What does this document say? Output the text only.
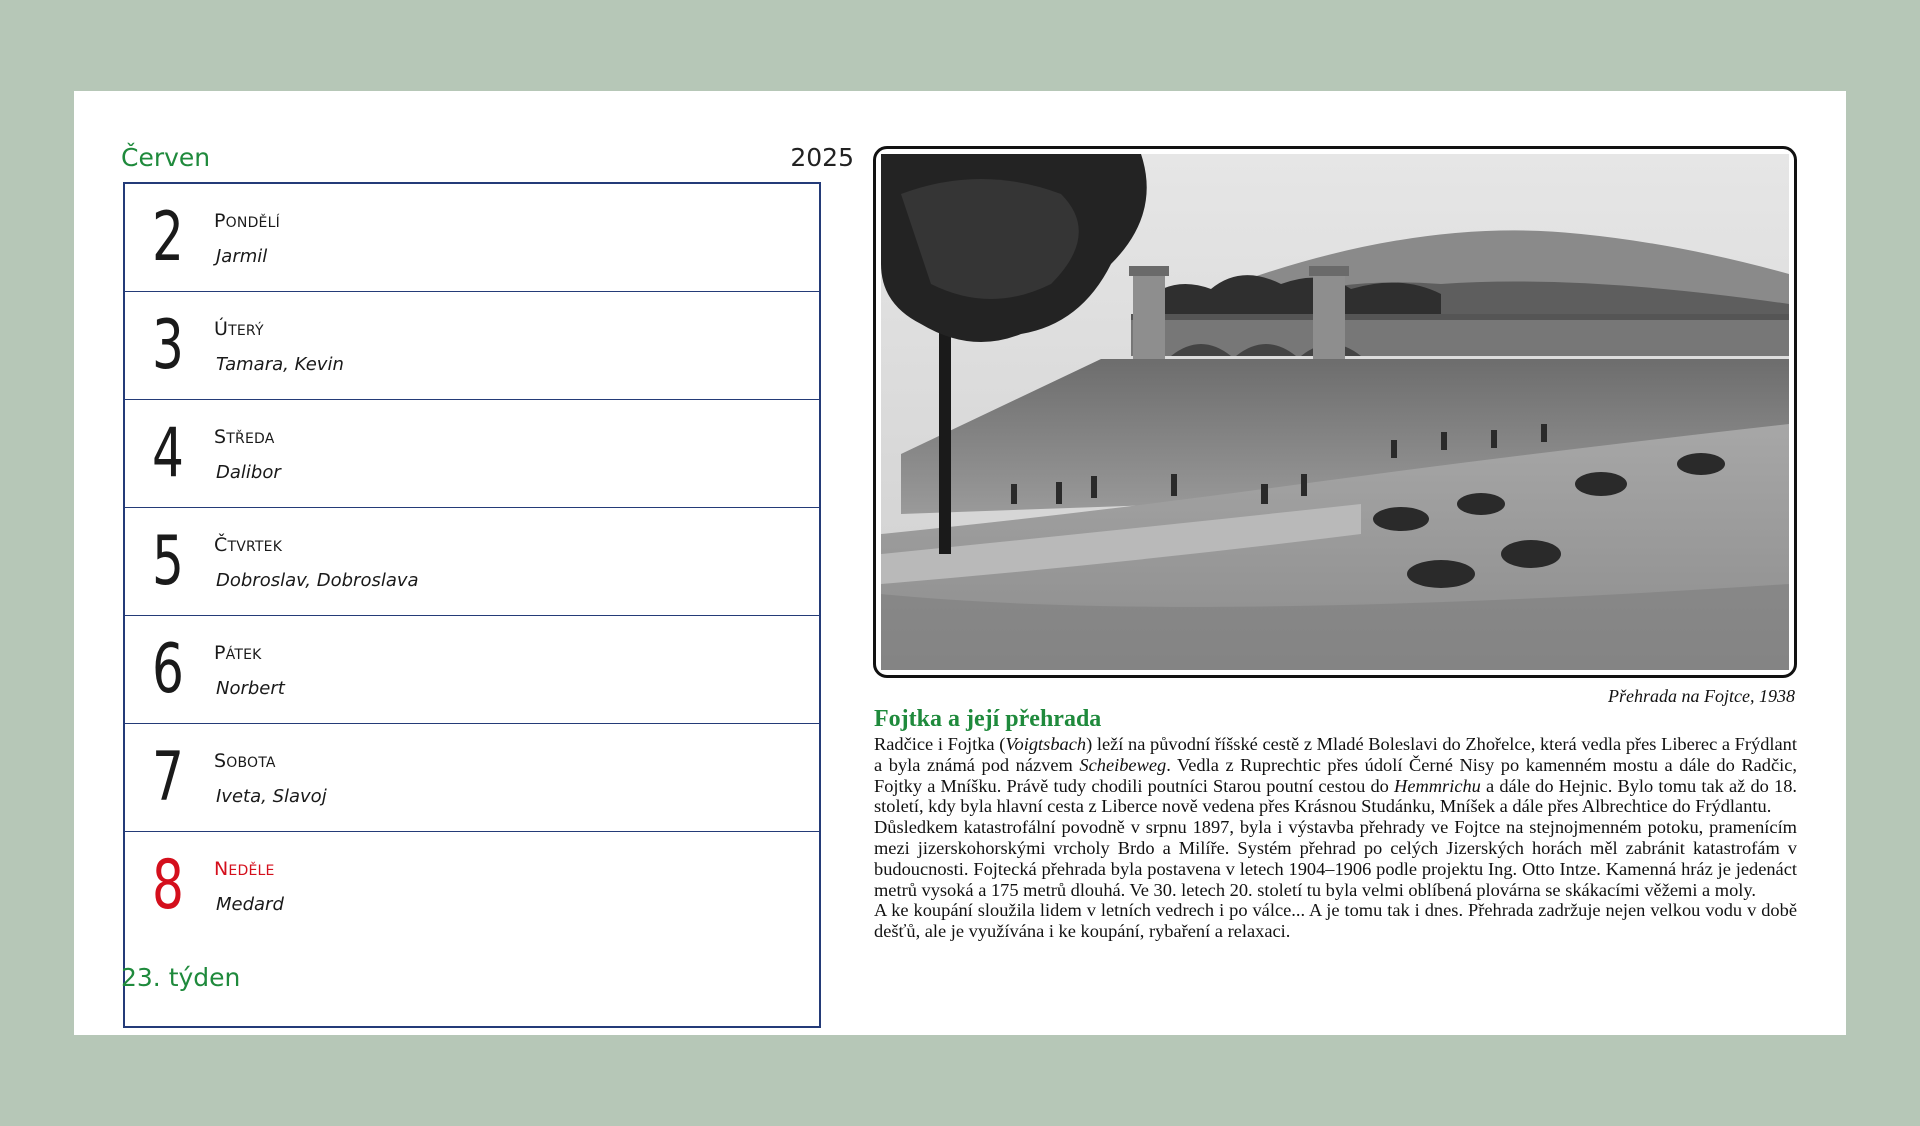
Červen	2025
2	PONDĚLÍ
Jarmil
3	ÚTERÝ
Tamara, Kevin
4	STŘEDA
Dalibor
5	ČTVRTEK
Dobroslav, Dobroslava
6	PÁTEK
Norbert
7	SOBOTA
Iveta, Slavoj
8	NEDĚLE
Medard
23. týden
Přehrada na Fojtce, 1938
Fojtka a její přehrada

Radčice i Fojtka (Voigtsbach) leží na původní říšské cestě z Mladé Boleslavi do Zhořelce, která vedla přes Liberec a Frýdlant a byla známá pod názvem Scheibeweg. Vedla z Ruprechtic přes údolí Černé Nisy po kamenném mostu a dále do Radčic, Fojtky a Mníšku. Právě tudy chodili poutníci Starou poutní cestou do Hemmrichu a dále do Hejnic. Bylo tomu tak až do 18. století, kdy byla hlavní cesta z Liberce nově vedena přes Krásnou Studánku, Mníšek a dále přes Albrechtice do Frýdlantu.

Důsledkem katastrofální povodně v srpnu 1897, byla i výstavba přehrady ve Fojtce na stejnojmenném potoku, pramenícím mezi jizerskohorskými vrcholy Brdo a Milíře. Systém přehrad po celých Jizerských horách měl zabránit katastrofám v budoucnosti. Fojtecká přehrada byla postavena v letech 1904–1906 podle projektu Ing. Otto Intze. Kamenná hráz je jedenáct metrů vysoká a 175 metrů dlouhá. Ve 30. letech 20. století tu byla velmi oblíbená plovárna se skákacími věžemi a moly.

A ke koupání sloužila lidem v letních vedrech i po válce... A je tomu tak i dnes. Přehrada zadržuje nejen velkou vodu v době dešťů, ale je využívána i ke koupání, rybaření a relaxaci.
